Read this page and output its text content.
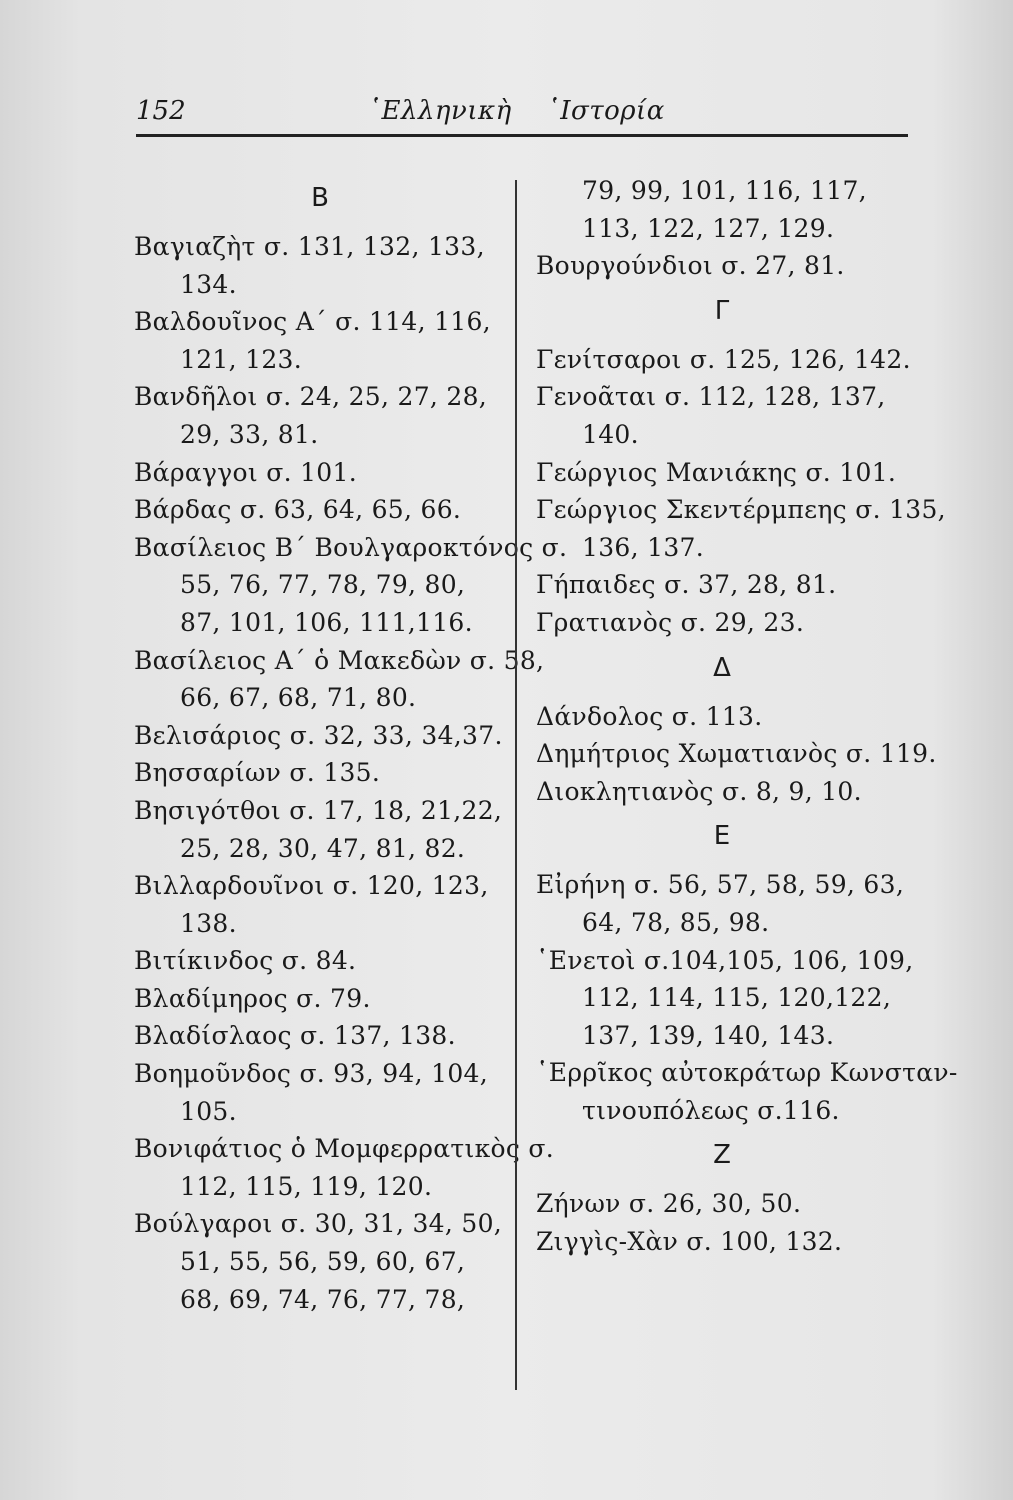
152	῾Ελληνικὴ    ῾Ιστορία
Β
Βαγιαζὴτ σ. 131, 132, 133,
134.
Βαλδουῖνος Α΄ σ. 114, 116,
121, 123.
Βανδῆλοι σ. 24, 25, 27, 28,
29, 33, 81.
Βάραγγοι σ. 101.
Βάρδας σ. 63, 64, 65, 66.
Βασίλειος Β΄ Βουλγαροκτόνος σ.
55, 76, 77, 78, 79, 80,
87, 101, 106, 111,116.
Βασίλειος Α΄ ὁ Μακεδὼν σ. 58,
66, 67, 68, 71, 80.
Βελισάριος σ. 32, 33, 34,37.
Βησσαρίων σ. 135.
Βησιγότθοι σ. 17, 18, 21,22,
25, 28, 30, 47, 81, 82.
Βιλλαρδουῖνοι σ. 120, 123,
138.
Βιτίκινδος σ. 84.
Βλαδίμηρος σ. 79.
Βλαδίσλαος σ. 137, 138.
Βοημοῦνδος σ. 93, 94, 104,
105.
Βονιφάτιος ὁ Μομφερρατικὸς σ.
112, 115, 119, 120.
Βούλγαροι σ. 30, 31, 34, 50,
51, 55, 56, 59, 60, 67,
68, 69, 74, 76, 77, 78,
79, 99, 101, 116, 117,
113, 122, 127, 129.
Βουργούνδιοι σ. 27, 81.
Γ
Γενίτσαροι σ. 125, 126, 142.
Γενοᾶται σ. 112, 128, 137,
140.
Γεώργιος Μανιάκης σ. 101.
Γεώργιος Σκεντέρμπεης σ. 135,
136, 137.
Γήπαιδες σ. 37, 28, 81.
Γρατιανὸς σ. 29, 23.
Δ
Δάνδολος σ. 113.
Δημήτριος Χωματιανὸς σ. 119.
Διοκλητιανὸς σ. 8, 9, 10.
Ε
Εἰρήνη σ. 56, 57, 58, 59, 63,
64, 78, 85, 98.
῾Ενετοὶ σ.104,105, 106, 109,
112, 114, 115, 120,122,
137, 139, 140, 143.
῾Ερρῖκος αὐτοκράτωρ Κωνσταν-
τινουπόλεως σ.116.
Ζ
Ζήνων σ. 26, 30, 50.
Ζιγγὶς-Χὰν σ. 100, 132.
